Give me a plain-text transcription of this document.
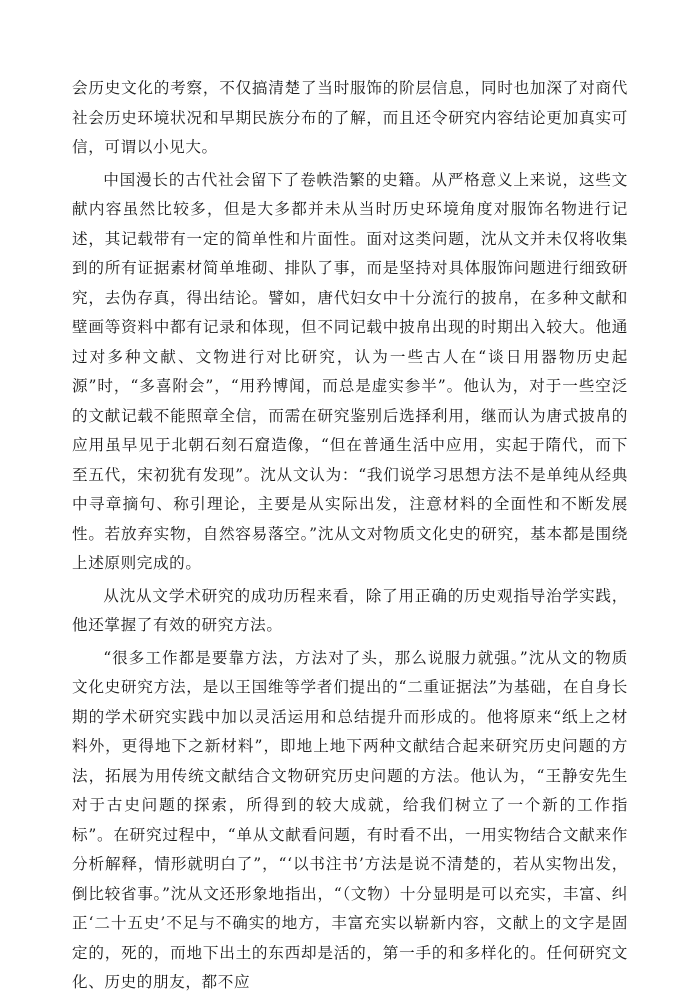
会历史文化的考察，不仅搞清楚了当时服饰的阶层信息，同时也加深了对商代社会历史环境状况和早期民族分布的了解，而且还令研究内容结论更加真实可信，可谓以小见大。

中国漫长的古代社会留下了卷帙浩繁的史籍。从严格意义上来说，这些文献内容虽然比较多，但是大多都并未从当时历史环境角度对服饰名物进行记述，其记载带有一定的简单性和片面性。面对这类问题，沈从文并未仅将收集到的所有证据素材简单堆砌、排队了事，而是坚持对具体服饰问题进行细致研究，去伪存真，得出结论。譬如，唐代妇女中十分流行的披帛，在多种文献和壁画等资料中都有记录和体现，但不同记载中披帛出现的时期出入较大。他通过对多种文献、文物进行对比研究，认为一些古人在“谈日用器物历史起源”时，“多喜附会”，“用矜博闻，而总是虚实参半”。他认为，对于一些空泛的文献记载不能照章全信，而需在研究鉴别后选择利用，继而认为唐式披帛的应用虽早见于北朝石刻石窟造像，“但在普通生活中应用，实起于隋代，而下至五代，宋初犹有发现”。沈从文认为：“我们说学习思想方法不是单纯从经典中寻章摘句、称引理论，主要是从实际出发，注意材料的全面性和不断发展性。若放弃实物，自然容易落空。”沈从文对物质文化史的研究，基本都是围绕上述原则完成的。

从沈从文学术研究的成功历程来看，除了用正确的历史观指导治学实践，他还掌握了有效的研究方法。

“很多工作都是要靠方法，方法对了头，那么说服力就强。”沈从文的物质文化史研究方法，是以王国维等学者们提出的“二重证据法”为基础，在自身长期的学术研究实践中加以灵活运用和总结提升而形成的。他将原来“纸上之材料外，更得地下之新材料”，即地上地下两种文献结合起来研究历史问题的方法，拓展为用传统文献结合文物研究历史问题的方法。他认为，“王静安先生对于古史问题的探索，所得到的较大成就，给我们树立了一个新的工作指标”。在研究过程中，“单从文献看问题，有时看不出，一用实物结合文献来作分析解释，情形就明白了”，“‘以书注书’方法是说不清楚的，若从实物出发，倒比较省事。”沈从文还形象地指出，“（文物）十分显明是可以充实，丰富、纠正‘二十五史’不足与不确实的地方，丰富充实以崭新内容，文献上的文字是固定的，死的，而地下出土的东西却是活的，第一手的和多样化的。任何研究文化、历史的朋友，都不应
